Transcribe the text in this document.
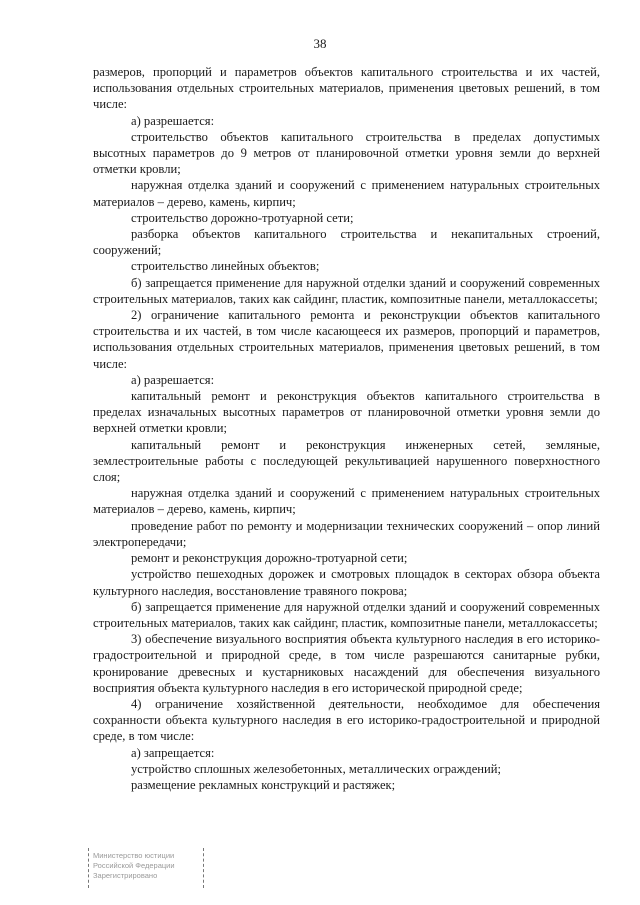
38

размеров, пропорций и параметров объектов капитального строительства и их частей, использования отдельных строительных материалов, применения цветовых решений, в том числе:

а) разрешается:

строительство объектов капитального строительства в пределах допустимых высотных параметров до 9 метров от планировочной отметки уровня земли до верхней отметки кровли;

наружная отделка зданий и сооружений с применением натуральных строительных материалов – дерево, камень, кирпич;

строительство дорожно-тротуарной сети;

разборка объектов капитального строительства и некапитальных строений, сооружений;

строительство линейных объектов;

б) запрещается применение для наружной отделки зданий и сооружений современных строительных материалов, таких как сайдинг, пластик, композитные панели, металлокассеты;

2) ограничение капитального ремонта и реконструкции объектов капитального строительства и их частей, в том числе касающееся их размеров, пропорций и параметров, использования отдельных строительных материалов, применения цветовых решений, в том числе:

а) разрешается:

капитальный ремонт и реконструкция объектов капитального строительства в пределах изначальных высотных параметров от планировочной отметки уровня земли до верхней отметки кровли;

капитальный ремонт и реконструкция инженерных сетей, земляные, землестроительные работы с последующей рекультивацией нарушенного поверхностного слоя;

наружная отделка зданий и сооружений с применением натуральных строительных материалов – дерево, камень, кирпич;

проведение работ по ремонту и модернизации технических сооружений – опор линий электропередачи;

ремонт и реконструкция дорожно-тротуарной сети;

устройство пешеходных дорожек и смотровых площадок в секторах обзора объекта культурного наследия, восстановление травяного покрова;

б) запрещается применение для наружной отделки зданий и сооружений современных строительных материалов, таких как сайдинг, пластик, композитные панели, металлокассеты;

3) обеспечение визуального восприятия объекта культурного наследия в его историко-градостроительной и природной среде, в том числе разрешаются санитарные рубки, кронирование древесных и кустарниковых насаждений для обеспечения визуального восприятия объекта культурного наследия в его исторической природной среде;

4) ограничение хозяйственной деятельности, необходимое для обеспечения сохранности объекта культурного наследия в его историко-градостроительной и природной среде, в том числе:

а) запрещается:

устройство сплошных железобетонных, металлических ограждений;

размещение рекламных конструкций и растяжек;

Министерство юстиции
Российской Федерации
Зарегистрировано
